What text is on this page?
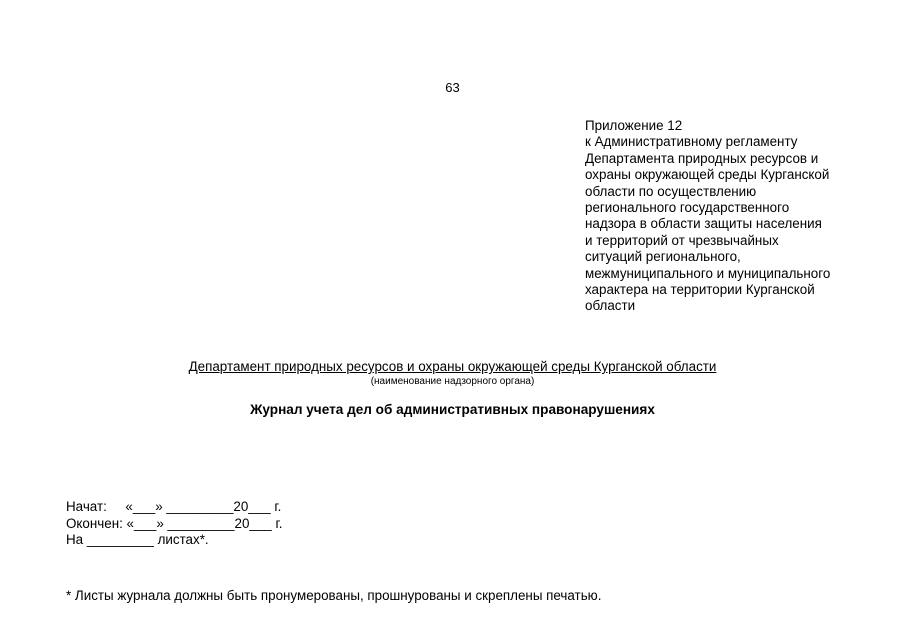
63
Приложение 12
к Административному регламенту
Департамента природных ресурсов и
охраны окружающей среды Курганской
области по осуществлению
регионального государственного
надзора в области защиты населения
и территорий от чрезвычайных
ситуаций регионального,
межмуниципального и муниципального
характера на территории Курганской
области
Департамент природных ресурсов и охраны окружающей среды Курганской области
(наименование надзорного органа)
Журнал учета дел об административных правонарушениях
Начат:     «___» _________20___ г.
Окончен: «___» _________20___ г.
На _________ листах*.
* Листы журнала должны быть пронумерованы, прошнурованы и скреплены печатью.
